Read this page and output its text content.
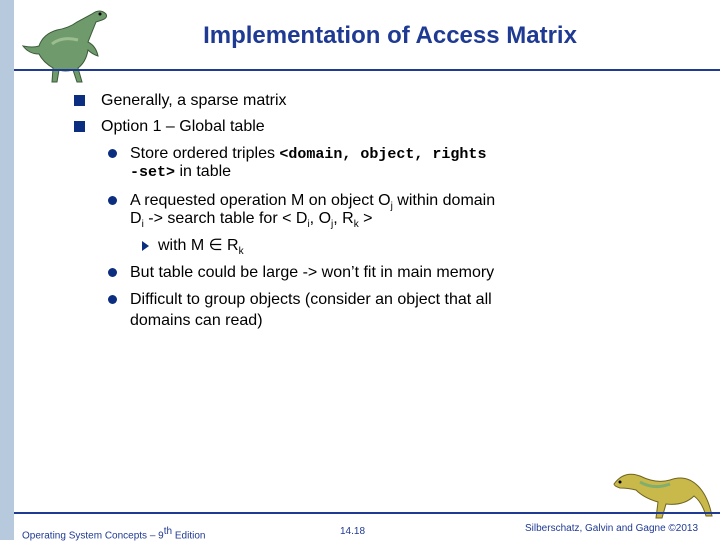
Implementation of Access Matrix
Generally, a sparse matrix
Option 1 – Global table
Store ordered triples <domain, object, rights
-set> in table
A requested operation M on object $O_j$ within domain
$D_i$ -> search table for < $D_i$, $O_j$, $R_k$ >
with M ∈ $R_k$
But table could be large -> won’t fit in main memory
Difficult to group objects (consider an object that all
domains can read)
Operating System Concepts – 9th Edition	14.18	Silberschatz, Galvin and Gagne ©2013
